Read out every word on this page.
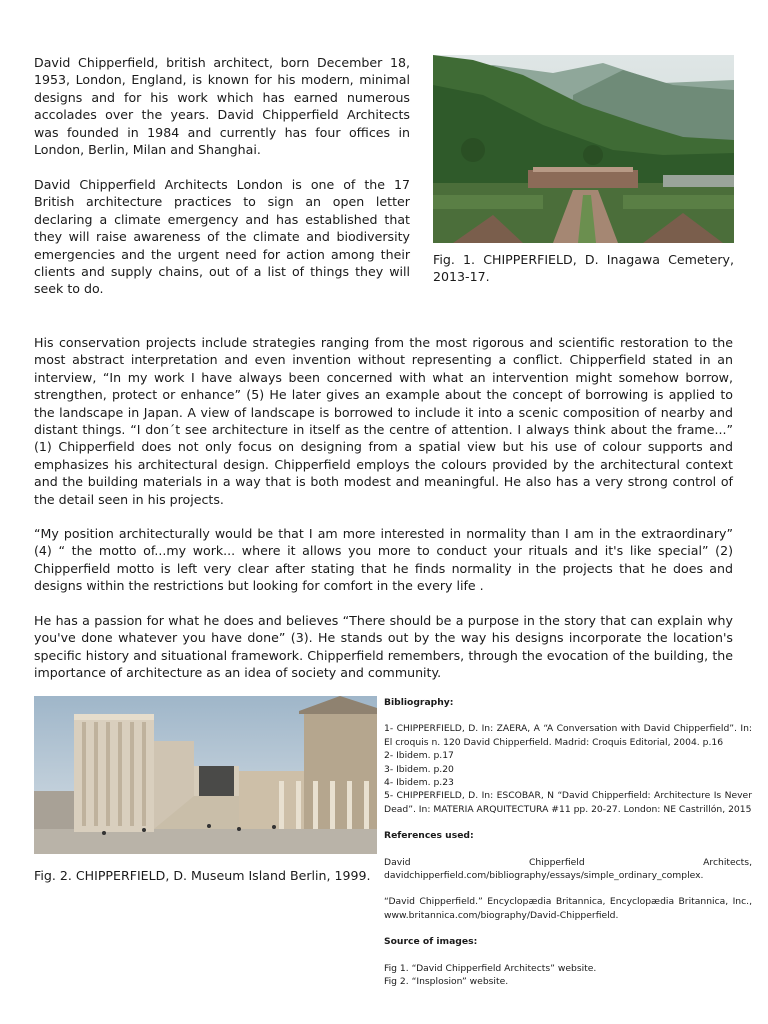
David Chipperfield, british architect, born December 18, 1953, London, England, is known for his modern, minimal designs and for his work which has earned numerous accolades over the years. David Chipperfield Architects was founded in 1984 and currently has four offices in London, Berlin, Milan and Shanghai.

David Chipperfield Architects London is one of the 17 British architecture practices to sign an open letter declaring a climate emergency and has established that they will raise awareness of the climate and biodiversity emergencies and the urgent need for action among their clients and supply chains, out of a list of things they will seek to do.

Fig. 1. CHIPPERFIELD, D. Inagawa Cemetery, 2013-17.

His conservation projects include strategies ranging from the most rigorous and scientific restoration to the most abstract interpretation and even invention without representing a conflict. Chipperfield stated in an interview, “In my work I have always been concerned with what an intervention might somehow borrow, strengthen, protect or enhance” (5) He later gives an example about the concept of borrowing is applied to the landscape in Japan. A view of landscape is borrowed to include it into a scenic composition of nearby and distant things. “I don´t see architecture in itself as the centre of attention. I always think about the frame...” (1) Chipperfield does not only focus on designing from a spatial view but his use of colour supports and emphasizes his architectural design. Chipperfield employs the colours provided by the architectural context and the building materials in a way that is both modest and meaningful. He also has a very strong control of the detail seen in his projects.

“My position architecturally would be that I am more interested in normality than I am in the extraordinary” (4) “ the motto of...my work... where it allows you more to conduct your rituals and it's like special” (2) Chipperfield motto is left very clear after stating that he finds normality in the projects that he does and designs within the restrictions but looking for comfort in the every life .

He has a passion for what he does and believes “There should be a purpose in the story that can explain why you've done whatever you have done” (3). He stands out by the way his designs incorporate the location's specific history and situational framework. Chipperfield remembers, through the evocation of the building, the importance of architecture as an idea of society and community.

Fig. 2. CHIPPERFIELD, D. Museum Island Berlin, 1999.

Bibliography:
1- CHIPPERFIELD, D. In: ZAERA, A “A Conversation with David Chipperfield”. In: El croquis n. 120 David Chipperfield. Madrid: Croquis Editorial, 2004. p.16
2- Ibidem. p.17
3- Ibidem. p.20
4- Ibidem. p.23
5- CHIPPERFIELD, D. In: ESCOBAR, N “David Chipperfield: Architecture Is Never Dead”. In: MATERIA ARQUITECTURA #11 pp. 20-27. London: NE Castrillón, 2015
References used:
David Chipperfield Architects, davidchipperfield.com/bibliography/essays/simple_ordinary_complex.
“David Chipperfield.” Encyclopædia Britannica, Encyclopædia Britannica, Inc., www.britannica.com/biography/David-Chipperfield.
Source of images:
Fig 1. “David Chipperfield Architects” website.
Fig 2. “Insplosion” website.
